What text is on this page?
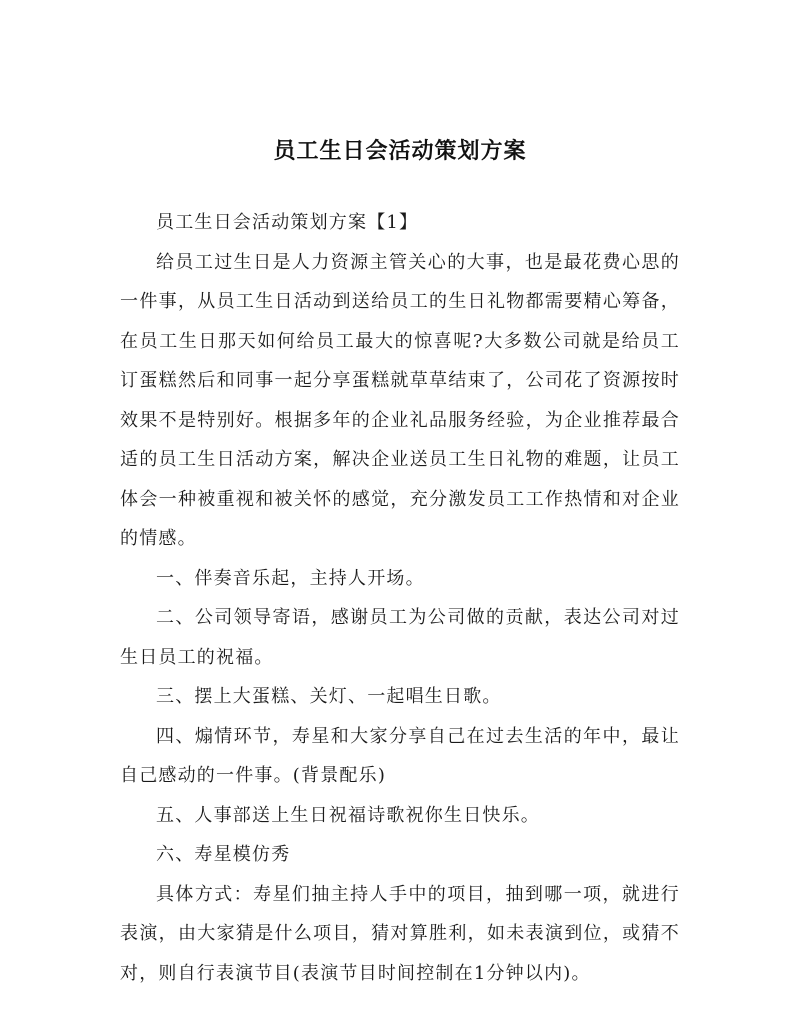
员工生日会活动策划方案

员工生日会活动策划方案【1】

给员工过生日是人力资源主管关心的大事，也是最花费心思的一件事，从员工生日活动到送给员工的生日礼物都需要精心筹备，在员工生日那天如何给员工最大的惊喜呢?大多数公司就是给员工订蛋糕然后和同事一起分享蛋糕就草草结束了，公司花了资源按时效果不是特别好。根据多年的企业礼品服务经验，为企业推荐最合适的员工生日活动方案，解决企业送员工生日礼物的难题，让员工体会一种被重视和被关怀的感觉，充分激发员工工作热情和对企业的情感。

一、伴奏音乐起，主持人开场。

二、公司领导寄语，感谢员工为公司做的贡献，表达公司对过生日员工的祝福。

三、摆上大蛋糕、关灯、一起唱生日歌。

四、煽情环节，寿星和大家分享自己在过去生活的年中，最让自己感动的一件事。(背景配乐)

五、人事部送上生日祝福诗歌祝你生日快乐。

六、寿星模仿秀

具体方式：寿星们抽主持人手中的项目，抽到哪一项，就进行表演，由大家猜是什么项目，猜对算胜利，如未表演到位，或猜不对，则自行表演节目(表演节目时间控制在1分钟以内)。
